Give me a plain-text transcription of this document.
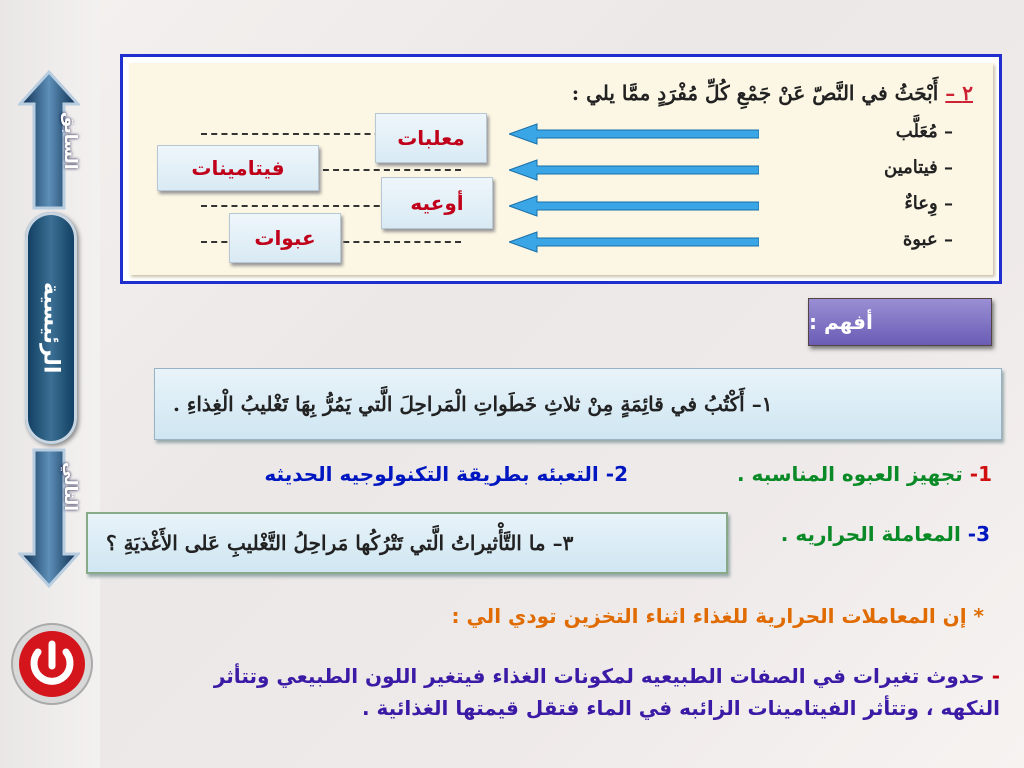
السابق
الرئيسية
التالي
٢ – أَبْحَثُ في النَّصّ عَنْ جَمْعِ كُلِّ مُفْرَدٍ ممَّا يلي :
– مُعَلَّب
معلبات
– فيتامين
فيتامينات
– وِعاءٌ
أوعيه
– عبوة
عبوات
أفهم :
١– أَكْتُبُ في قائِمَةٍ مِنْ ثلاثِ خَطَواتِ الْمَراحِلَ الَّتي يَمُرُّ بِهَا تَغْليبُ الْغِذاءِ .
1- تجهيز العبوه المناسبه .
2- التعبئه بطريقة التكنولوجيه الحديثه
3- المعاملة الحراريه .
٣– ما التَّأْثيراتُ الَّتي تَتْرُكُها مَراحِلُ التَّغْليبِ عَلى الأَغْذيَةِ ؟
* إن المعاملات الحرارية للغذاء اثناء التخزين تودي الي :
- حدوث تغيرات في الصفات الطبيعيه لمكونات الغذاء فيتغير اللون الطبيعي وتتأثر النكهه ، وتتأثر الفيتامينات الزائبه في الماء فتقل قيمتها الغذائية .
